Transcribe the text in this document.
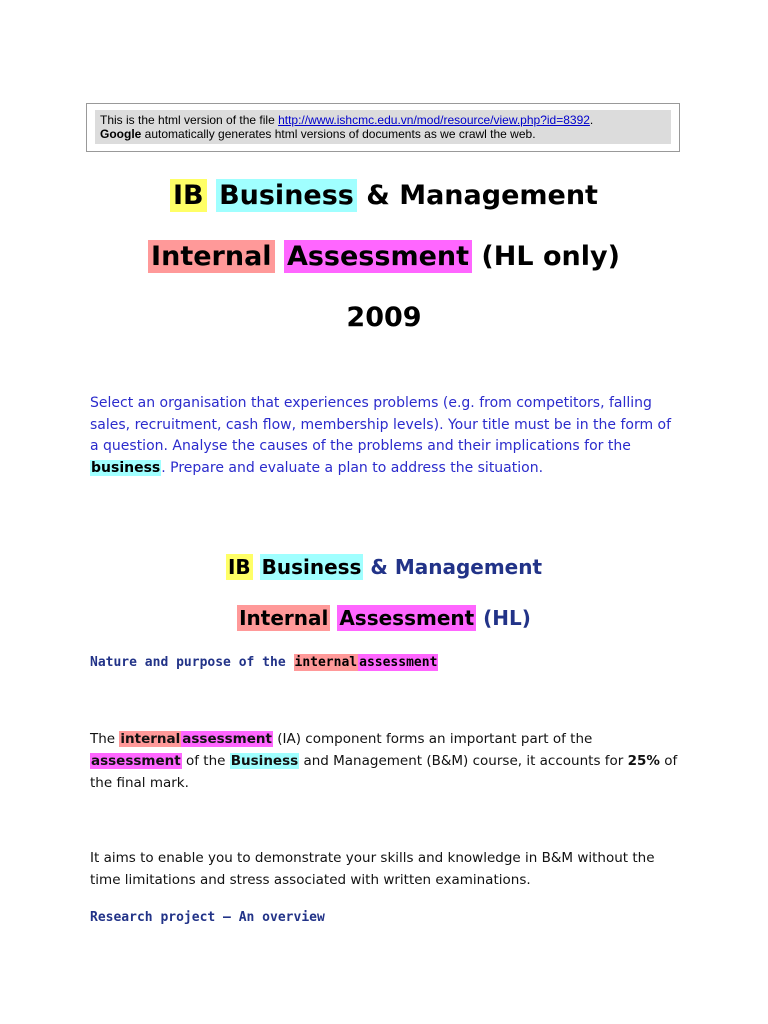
This is the html version of the file http://www.ishcmc.edu.vn/mod/resource/view.php?id=8392.
Google automatically generates html versions of documents as we crawl the web.
IB Business & Management
Internal Assessment (HL only)
2009
Select an organisation that experiences problems (e.g. from competitors, falling sales, recruitment, cash flow, membership levels). Your title must be in the form of a question. Analyse the causes of the problems and their implications for the business. Prepare and evaluate a plan to address the situation.
IB Business & Management
Internal Assessment (HL)
Nature and purpose of the internal assessment
The internal assessment (IA) component forms an important part of the assessment of the Business and Management (B&M) course, it accounts for 25% of the final mark.
It aims to enable you to demonstrate your skills and knowledge in B&M without the time limitations and stress associated with written examinations.
Research project – An overview
